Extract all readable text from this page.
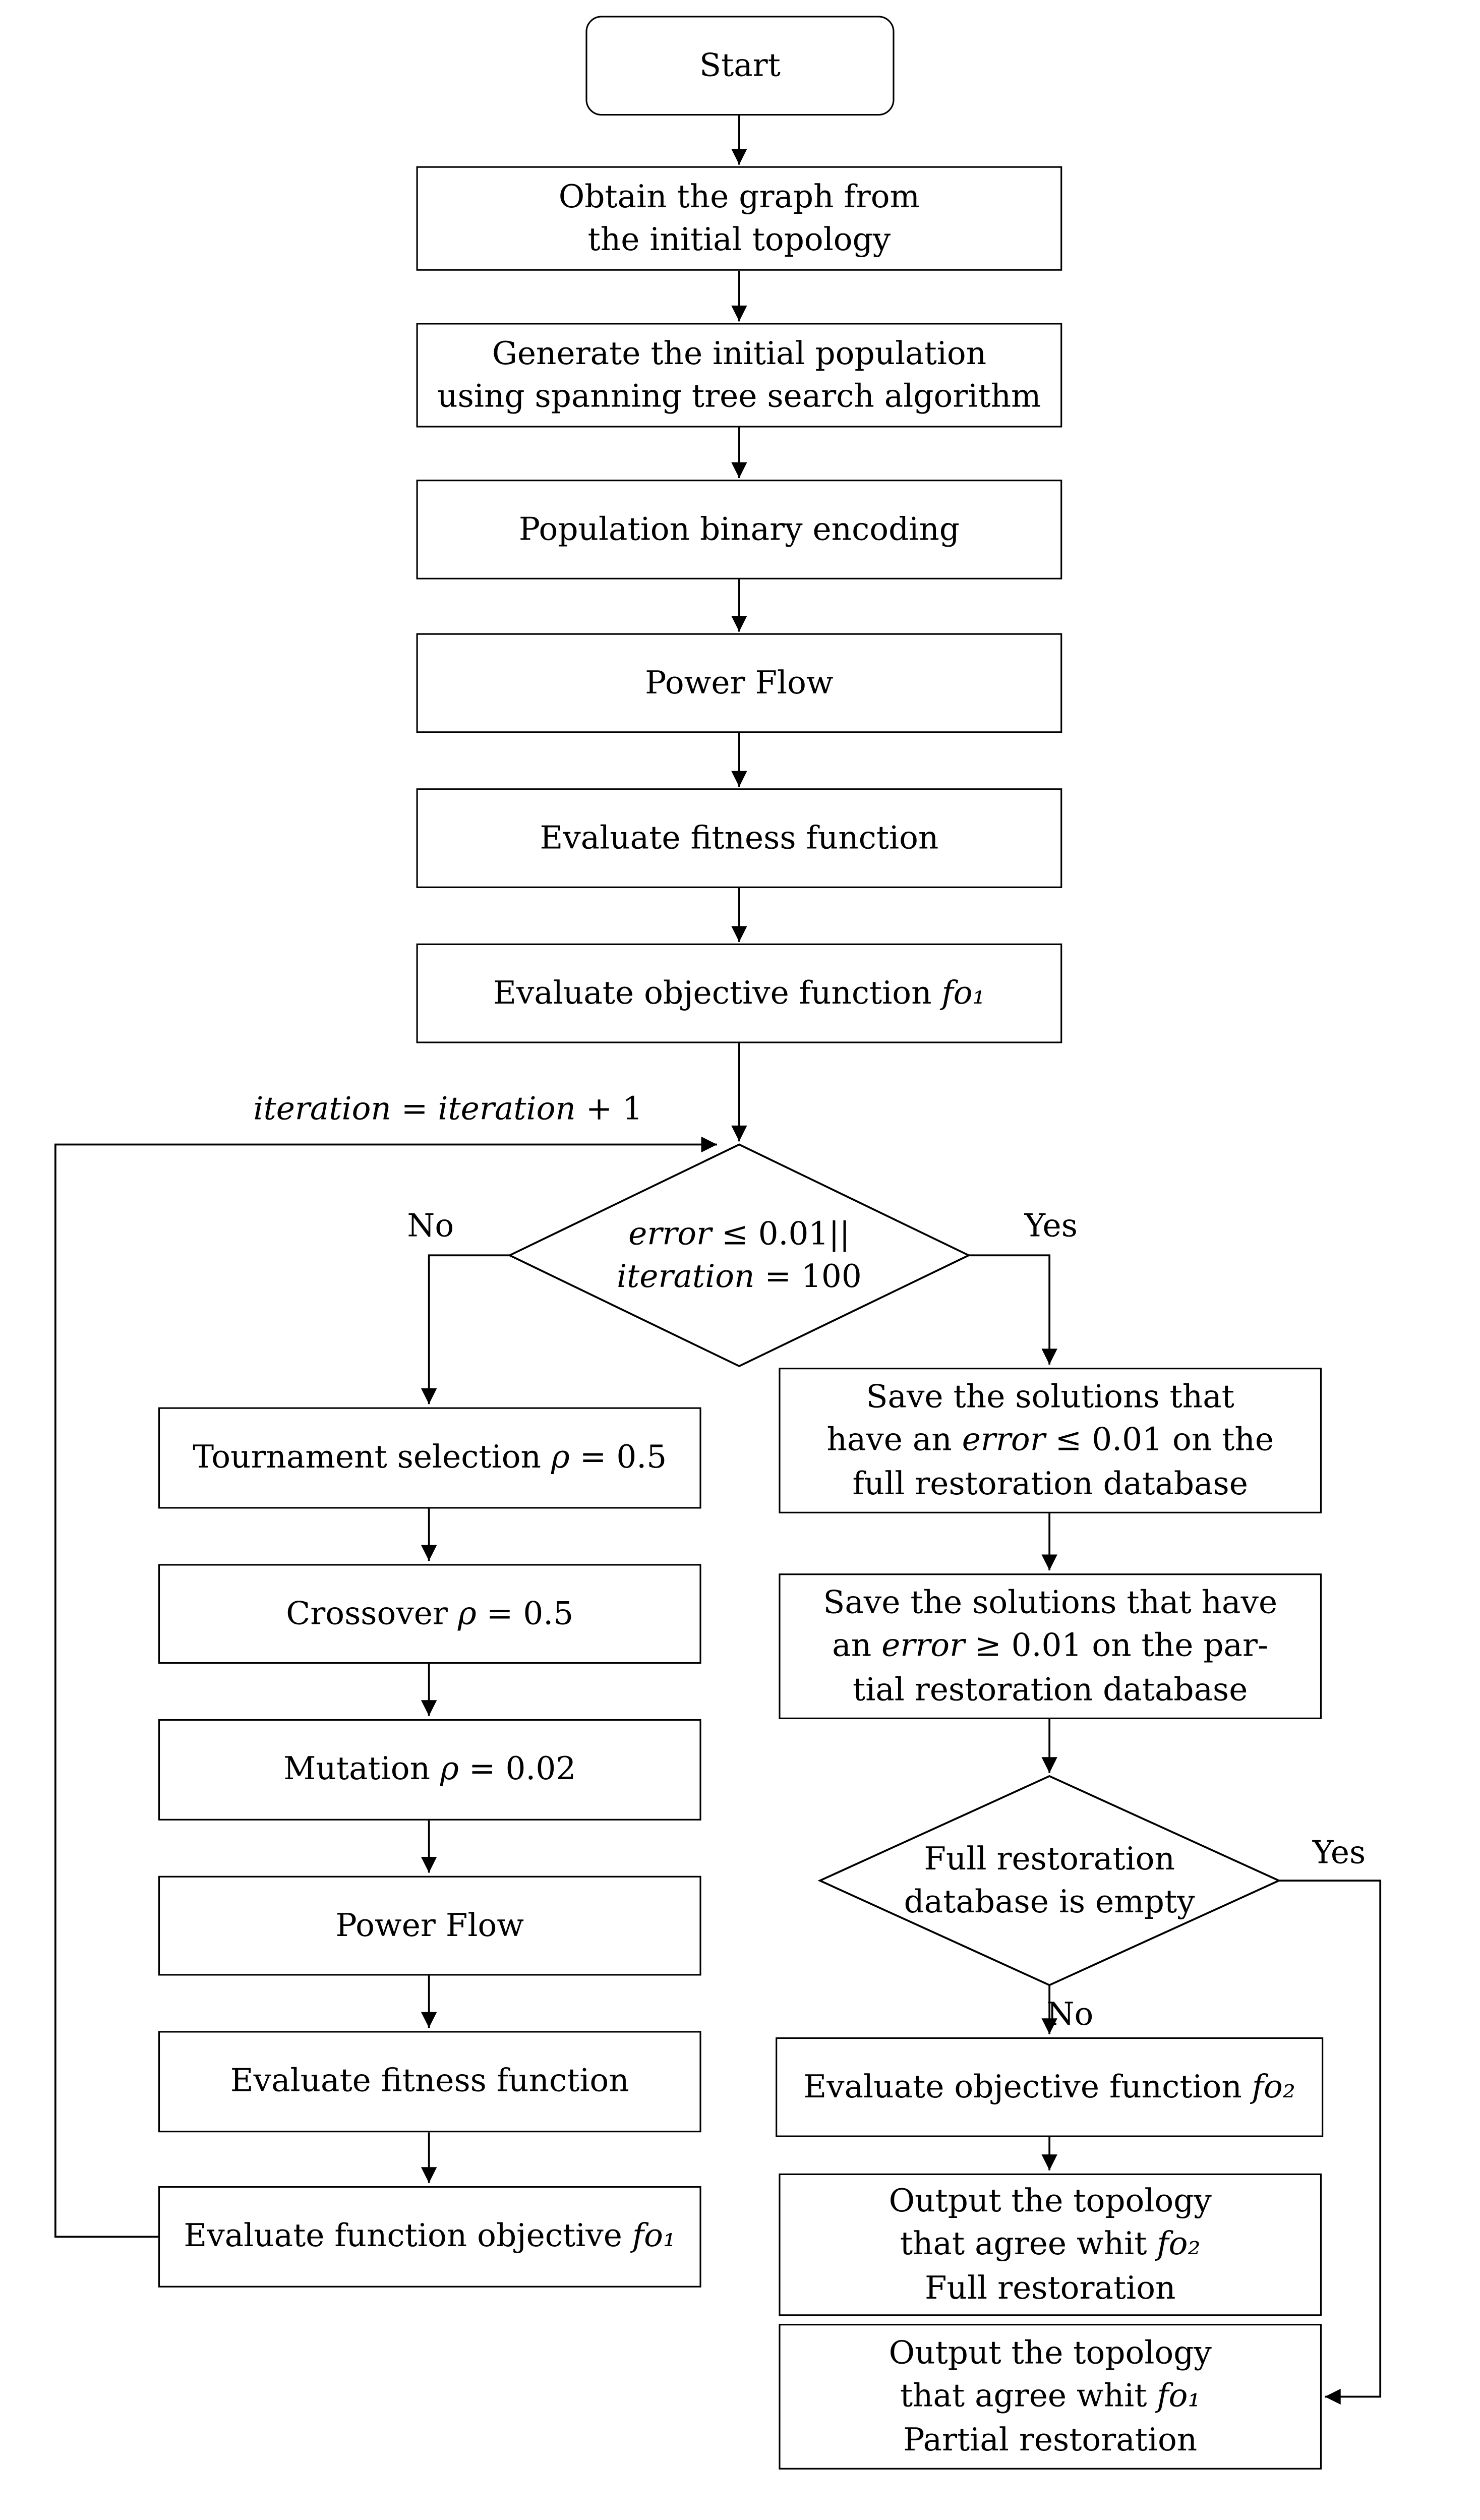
Start
Obtain the graph from
the initial topology
Generate the initial population
using spanning tree search algorithm
Population binary encoding
Power Flow
Evaluate fitness function
Evaluate objective function fo₁
error ≤ 0.01||
iteration = 100
Tournament selection ρ = 0.5
Crossover ρ = 0.5
Mutation ρ = 0.02
Power Flow
Evaluate fitness function
Evaluate function objective fo₁
Save the solutions that
have an error ≤ 0.01 on the
full restoration database
Save the solutions that have
an error ≥ 0.01 on the par-
tial restoration database
Full restoration
database is empty
Evaluate objective function fo₂
Output the topology
that agree whit fo₂
Full restoration
Output the topology
that agree whit fo₁
Partial restoration
iteration = iteration + 1
No	Yes
Yes
No
